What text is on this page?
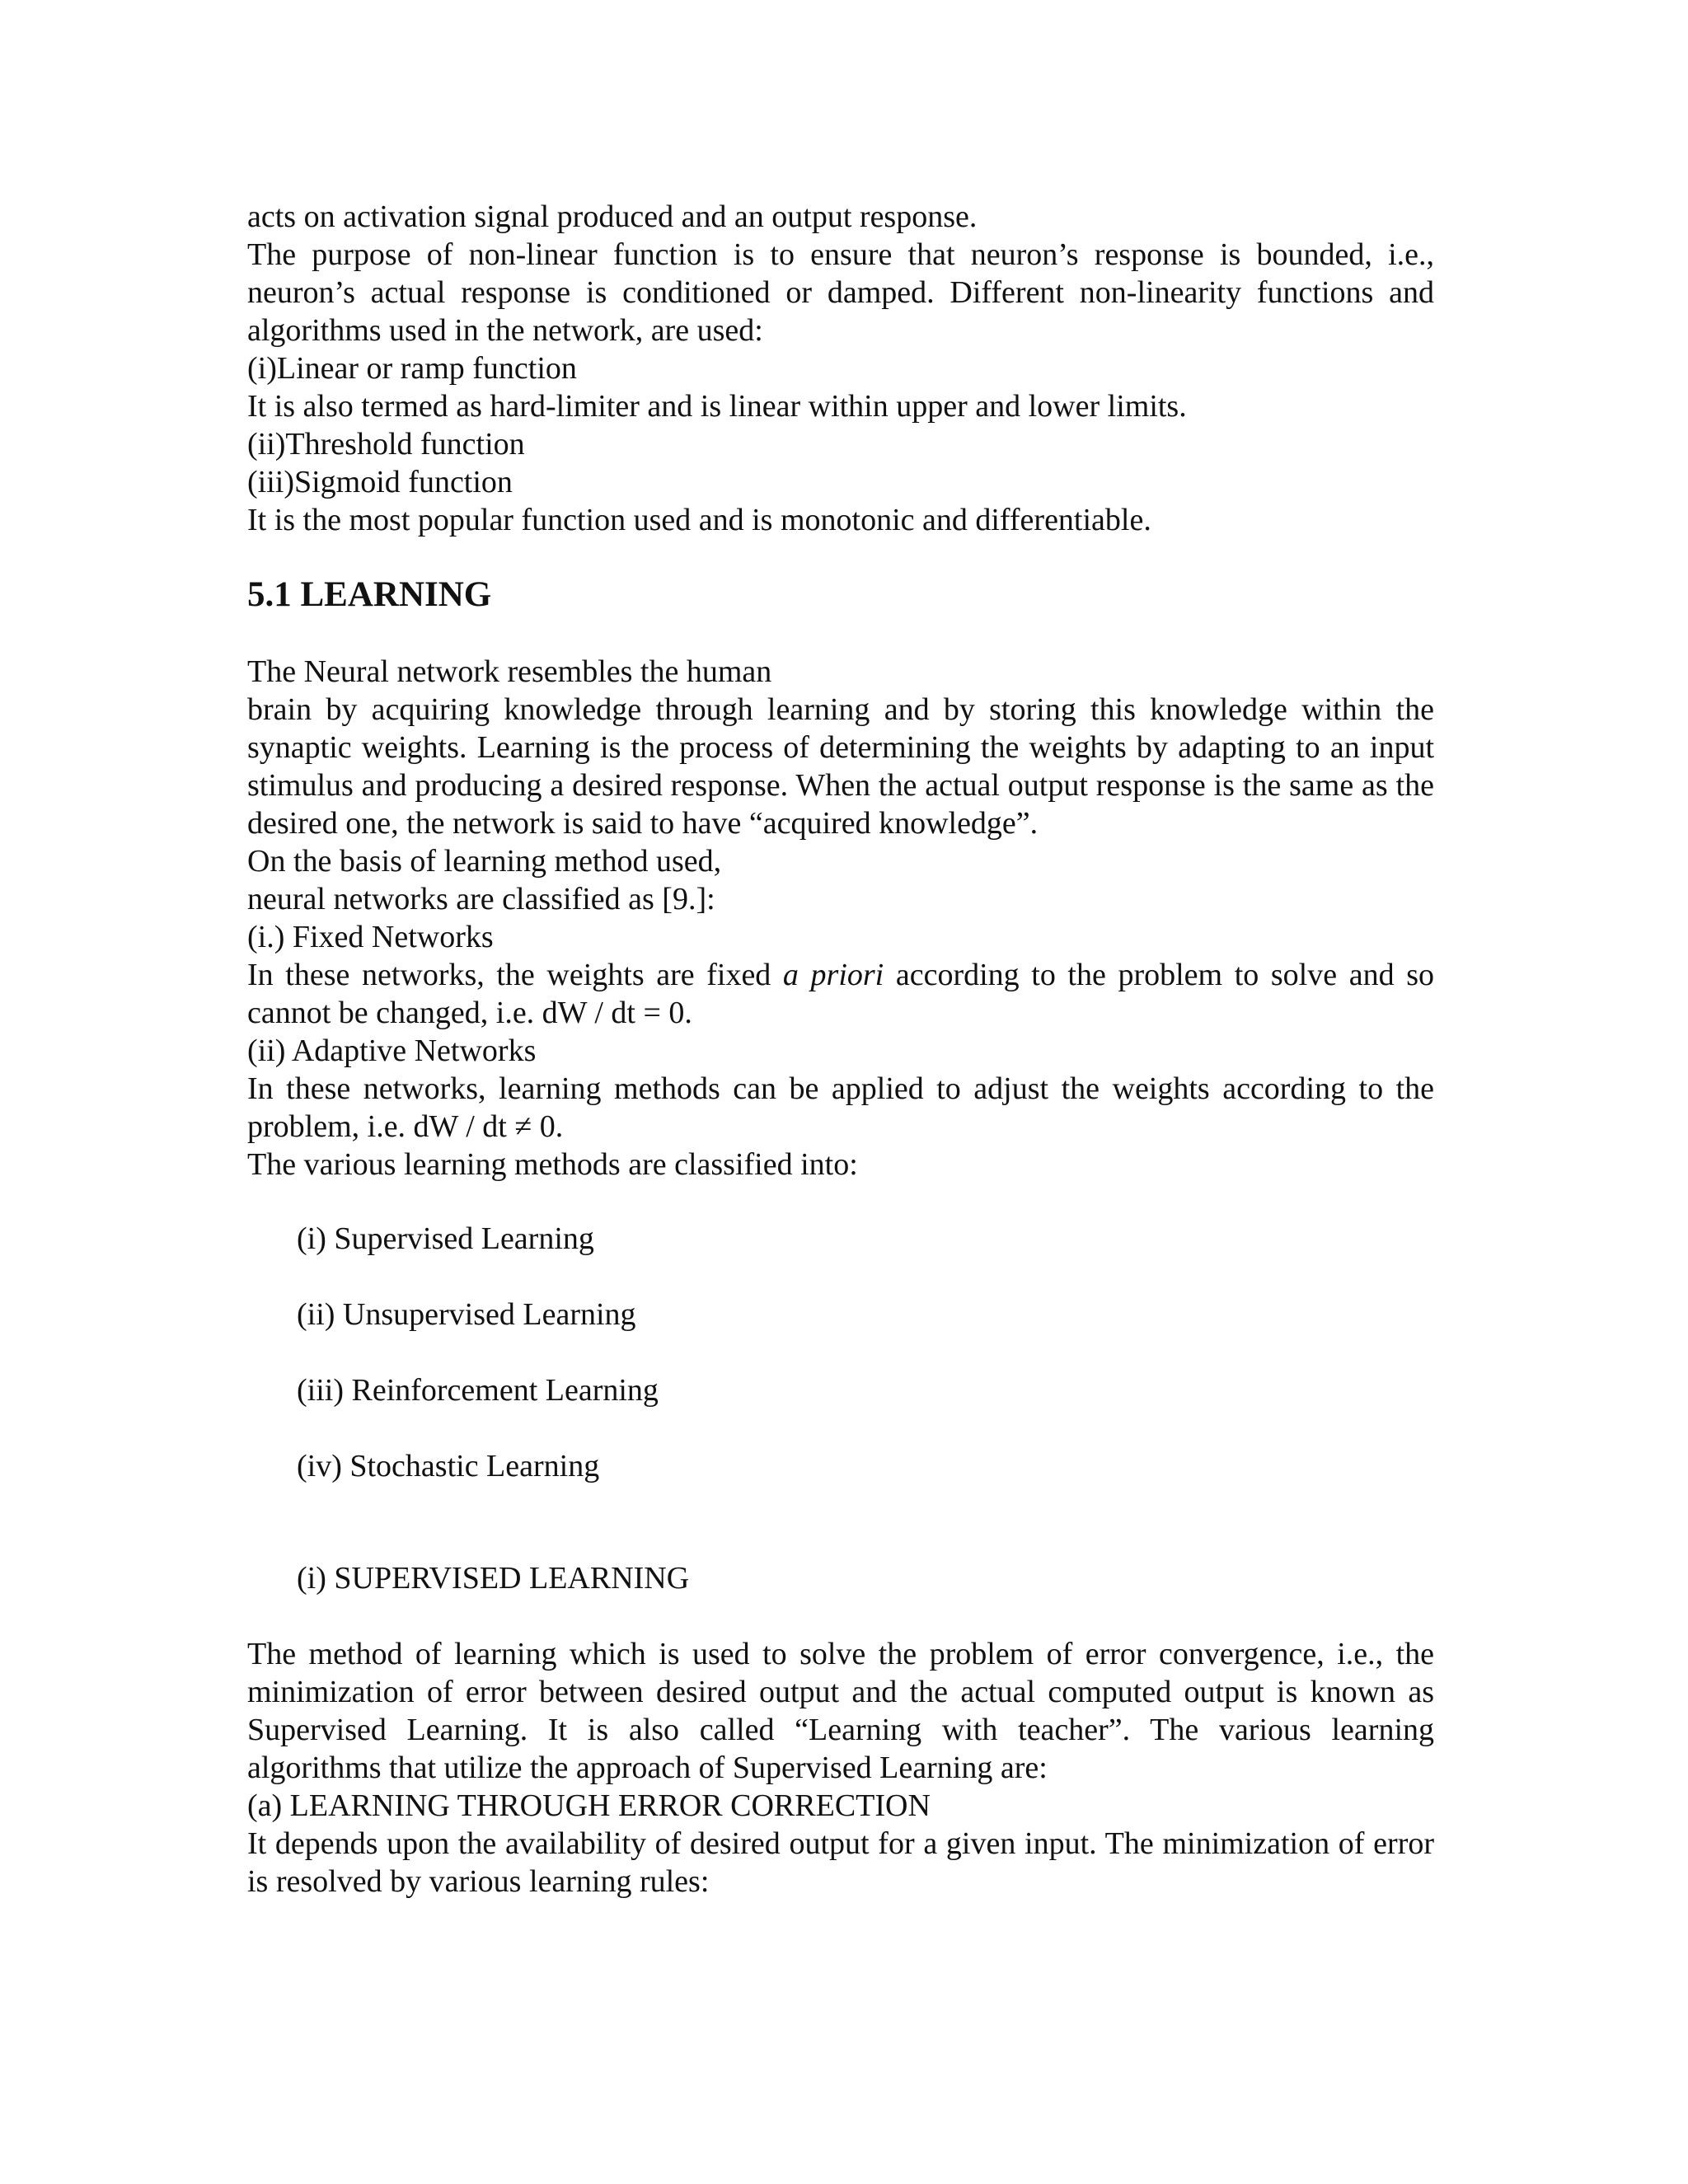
acts on activation signal produced and an output response.
The purpose of non-linear function is to ensure that neuron’s response is bounded, i.e., neuron’s actual response is conditioned or damped. Different non-linearity functions and algorithms used in the network, are used:
(i)Linear or ramp function
It is also termed as hard-limiter and is linear within upper and lower limits.
(ii)Threshold function
(iii)Sigmoid function
It is the most popular function used and is monotonic and differentiable.
5.1 LEARNING
The Neural network resembles the human
brain by acquiring knowledge through learning and by storing this knowledge within the synaptic weights. Learning is the process of determining the weights by adapting to an input stimulus and producing a desired response. When the actual output response is the same as the desired one, the network is said to have “acquired knowledge”.
On the basis of learning method used,
neural networks are classified as [9.]:
(i.) Fixed Networks
In these networks, the weights are fixed a priori according to the problem to solve and so cannot be changed, i.e. dW / dt = 0.
(ii) Adaptive Networks
In these networks, learning methods can be applied to adjust the weights according to the problem, i.e. dW / dt ≠ 0.
The various learning methods are classified into:
(i) Supervised Learning
(ii) Unsupervised Learning
(iii) Reinforcement Learning
(iv) Stochastic Learning
(i) SUPERVISED LEARNING
The method of learning which is used to solve the problem of error convergence, i.e., the minimization of error between desired output and the actual computed output is known as Supervised Learning. It is also called “Learning with teacher”. The various learning algorithms that utilize the approach of Supervised Learning are:
(a) LEARNING THROUGH ERROR CORRECTION
It depends upon the availability of desired output for a given input. The minimization of error is resolved by various learning rules:
